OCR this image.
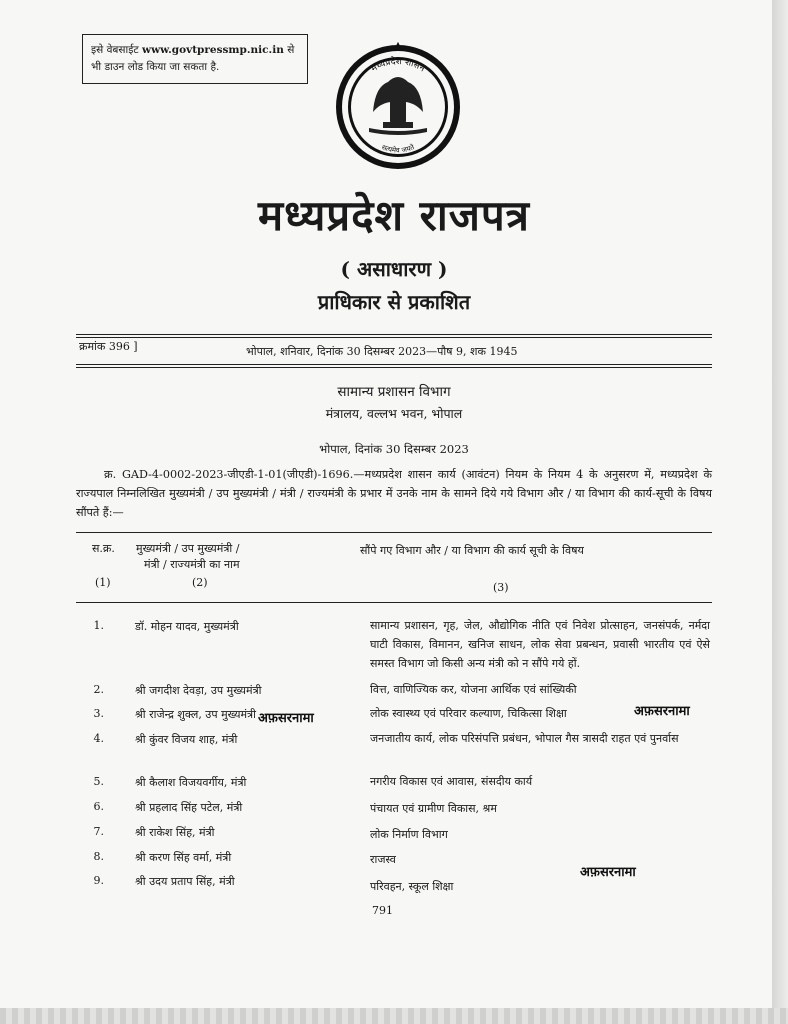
इसे वेबसाईट www.govtpressmp.nic.in से
भी डाउन लोड किया जा सकता है.	मध्यप्रदेश शासन
सत्यमेव जयते
मध्यप्रदेश राजपत्र
( असाधारण )
प्राधिकार से प्रकाशित
क्रमांक 396 ]	भोपाल, शनिवार, दिनांक 30 दिसम्बर 2023—पौष 9, शक 1945
सामान्य प्रशासन विभाग
मंत्रालय, वल्लभ भवन, भोपाल
भोपाल, दिनांक 30 दिसम्बर 2023
क्र. GAD-4-0002-2023-जीएडी-1-01(जीएडी)-1696.—मध्यप्रदेश शासन कार्य (आवंटन) नियम के नियम 4 के अनुसरण में, मध्यप्रदेश के राज्यपाल निम्नलिखित मुख्यमंत्री / उप मुख्यमंत्री / मंत्री / राज्यमंत्री के प्रभार में उनके नाम के सामने दिये गये विभाग और / या विभाग की कार्य-सूची के विषय सौंपते हैं:—
स.क्र. मुख्यमंत्री / उप मुख्यमंत्री /
मंत्री / राज्यमंत्री का नाम
सौंपे गए विभाग और / या विभाग की कार्य सूची के विषय
(1)	(2)	(3)
1.	डॉ. मोहन यादव, मुख्यमंत्री	सामान्य प्रशासन, गृह, जेल, औद्योगिक नीति एवं निवेश प्रोत्साहन, जनसंपर्क, नर्मदा घाटी विकास, विमानन, खनिज साधन, लोक सेवा प्रबन्धन, प्रवासी भारतीय एवं ऐसे समस्त विभाग जो किसी अन्य मंत्री को न सौंपे गये हों.
2.	श्री जगदीश देवड़ा, उप मुख्यमंत्री	वित्त, वाणिज्यिक कर, योजना आर्थिक एवं सांख्यिकी
3.	श्री राजेन्द्र शुक्ल, उप मुख्यमंत्री	लोक स्वास्थ्य एवं परिवार कल्याण, चिकित्सा शिक्षा
4.	श्री कुंवर विजय शाह, मंत्री	जनजातीय कार्य, लोक परिसंपत्ति प्रबंधन, भोपाल गैस त्रासदी राहत एवं पुनर्वास
5.	श्री कैलाश विजयवर्गीय, मंत्री	नगरीय विकास एवं आवास, संसदीय कार्य
6.	श्री प्रहलाद सिंह पटेल, मंत्री	पंचायत एवं ग्रामीण विकास, श्रम
7.	श्री राकेश सिंह, मंत्री	लोक निर्माण विभाग
8.	श्री करण सिंह वर्मा, मंत्री	राजस्व
9.	श्री उदय प्रताप सिंह, मंत्री	परिवहन, स्कूल शिक्षा
अफ़सरनामा	अफ़सरनामा
अफ़सरनामा
791
